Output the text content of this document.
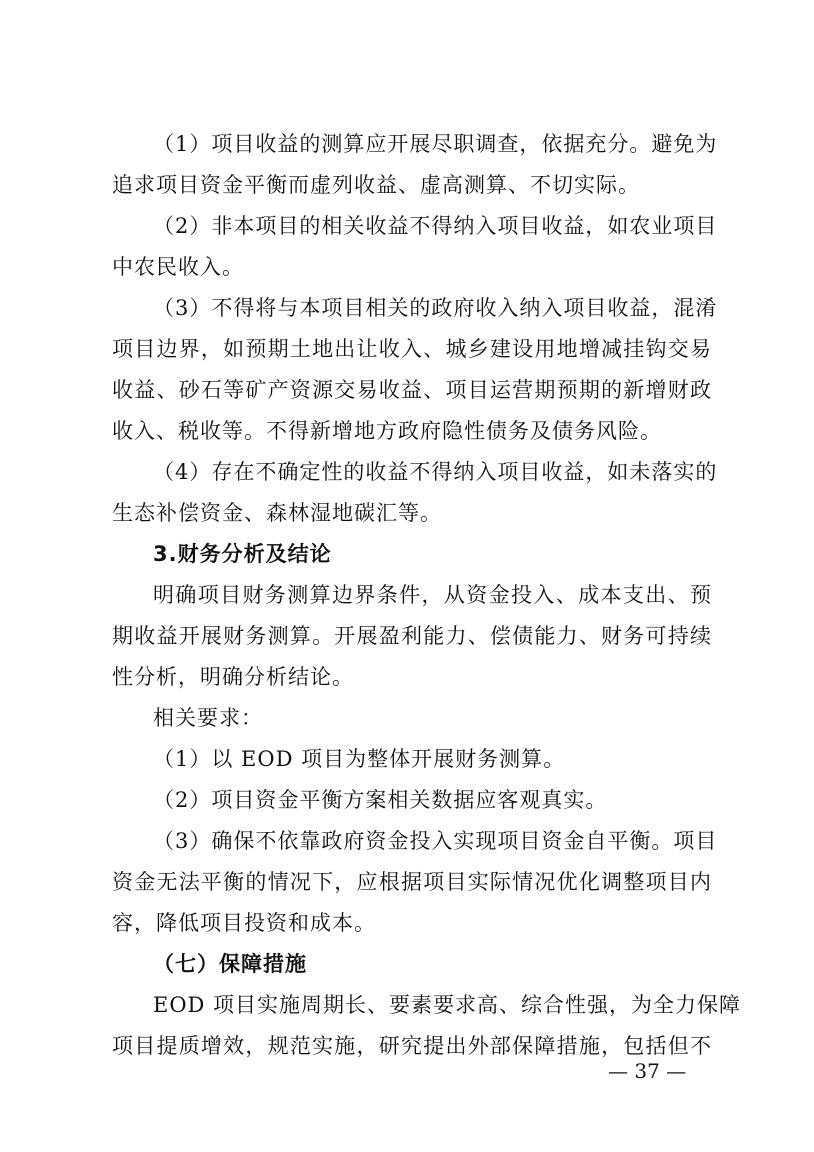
（1）项目收益的测算应开展尽职调查，依据充分。避免为
追求项目资金平衡而虚列收益、虚高测算、不切实际。
（2）非本项目的相关收益不得纳入项目收益，如农业项目
中农民收入。
（3）不得将与本项目相关的政府收入纳入项目收益，混淆
项目边界，如预期土地出让收入、城乡建设用地增减挂钩交易
收益、砂石等矿产资源交易收益、项目运营期预期的新增财政
收入、税收等。不得新增地方政府隐性债务及债务风险。
（4）存在不确定性的收益不得纳入项目收益，如未落实的
生态补偿资金、森林湿地碳汇等。
3.财务分析及结论
明确项目财务测算边界条件，从资金投入、成本支出、预
期收益开展财务测算。开展盈利能力、偿债能力、财务可持续
性分析，明确分析结论。
相关要求：
（1）以 EOD 项目为整体开展财务测算。
（2）项目资金平衡方案相关数据应客观真实。
（3）确保不依靠政府资金投入实现项目资金自平衡。项目
资金无法平衡的情况下，应根据项目实际情况优化调整项目内
容，降低项目投资和成本。
（七）保障措施
EOD 项目实施周期长、要素要求高、综合性强，为全力保障
项目提质增效，规范实施，研究提出外部保障措施，包括但不
— 37 —
